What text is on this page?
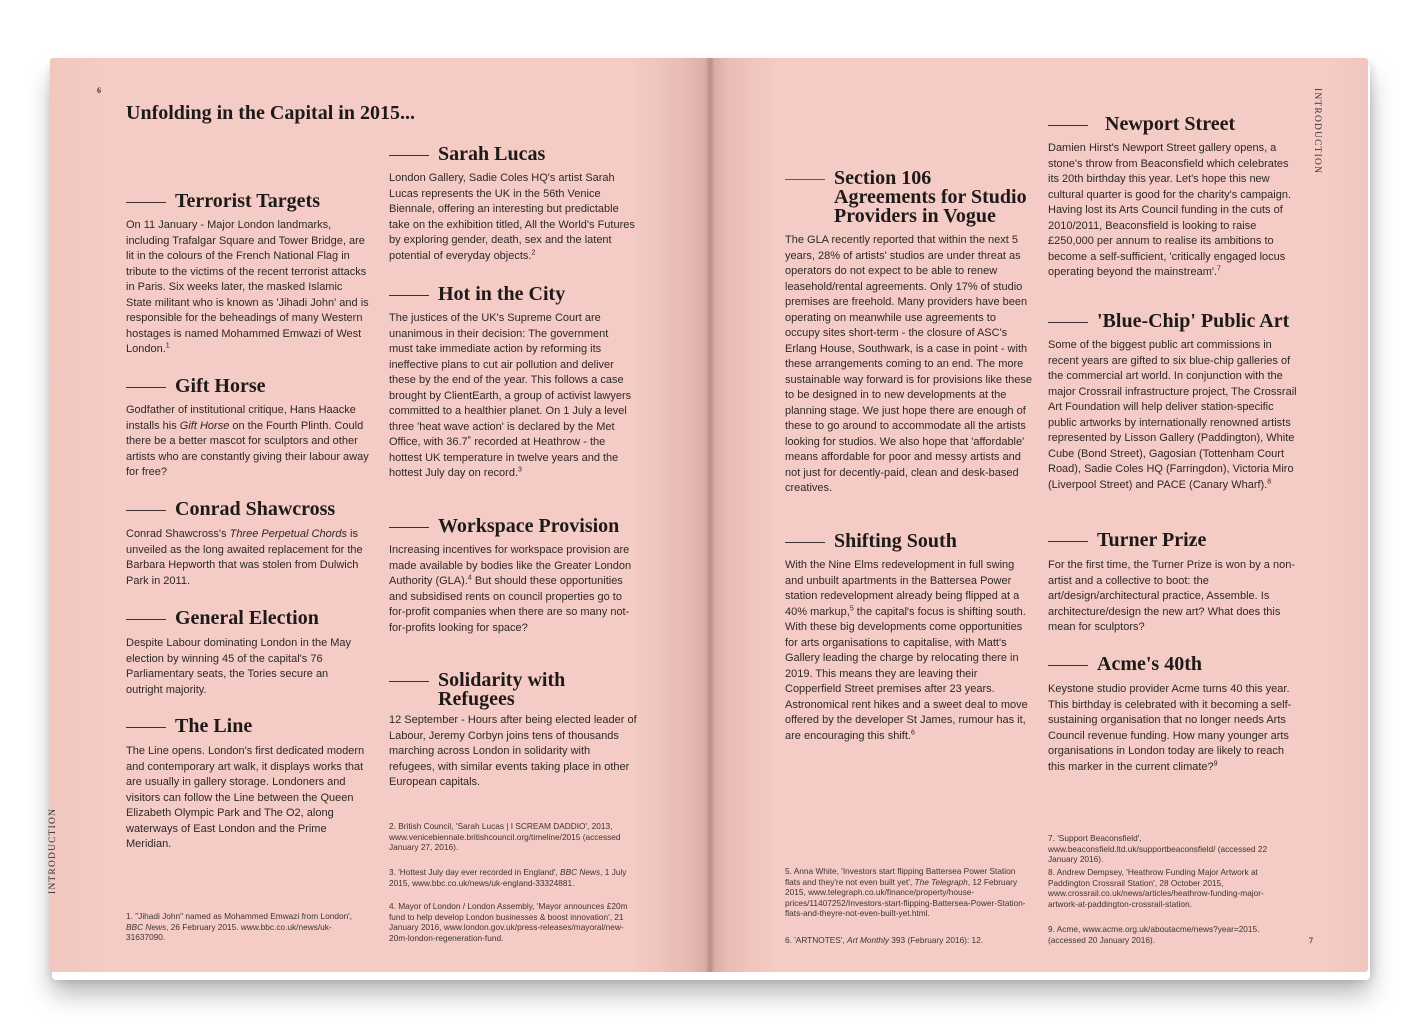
6
Unfolding in the Capital in 2015...
INTRODUCTION
Terrorist Targets
On 11 January - Major London landmarks, including Trafalgar Square and Tower Bridge, are lit in the colours of the French National Flag in tribute to the victims of the recent terrorist attacks in Paris. Six weeks later, the masked Islamic State militant who is known as 'Jihadi John' and is responsible for the beheadings of many Western hostages is named Mohammed Emwazi of West London.$^1$
Gift Horse
Godfather of institutional critique, Hans Haacke installs his Gift Horse on the Fourth Plinth. Could there be a better mascot for sculptors and other artists who are constantly giving their labour away for free?
Conrad Shawcross
Conrad Shawcross's Three Perpetual Chords is unveiled as the long awaited replacement for the Barbara Hepworth that was stolen from Dulwich Park in 2011.
General Election
Despite Labour dominating London in the May election by winning 45 of the capital's 76 Parliamentary seats, the Tories secure an outright majority.
The Line
The Line opens. London's first dedicated modern and contemporary art walk, it displays works that are usually in gallery storage. Londoners and visitors can follow the Line between the Queen Elizabeth Olympic Park and The O2, along waterways of East London and the Prime Meridian.
1. "Jihadi John" named as Mohammed Emwazi from London', BBC News, 26 February 2015. www.bbc.co.uk/news/uk-31637090.
Sarah Lucas
London Gallery, Sadie Coles HQ's artist Sarah Lucas represents the UK in the 56th Venice Biennale, offering an interesting but predictable take on the exhibition titled, All the World's Futures by exploring gender, death, sex and the latent potential of everyday objects.$^2$
Hot in the City
The justices of the UK's Supreme Court are unanimous in their decision: The government must take immediate action by reforming its ineffective plans to cut air pollution and deliver these by the end of the year. This follows a case brought by ClientEarth, a group of activist lawyers committed to a healthier planet. On 1 July a level three 'heat wave action' is declared by the Met Office, with 36.7˚ recorded at Heathrow - the hottest UK temperature in twelve years and the hottest July day on record.$^3$
Workspace Provision
Increasing incentives for workspace provision are made available by bodies like the Greater London Authority (GLA).$^4$ But should these opportunities and subsidised rents on council properties go to for-profit companies when there are so many not-for-profits looking for space?
Solidarity with
Refugees
12 September - Hours after being elected leader of Labour, Jeremy Corbyn joins tens of thousands marching across London in solidarity with refugees, with similar events taking place in other European capitals.
2. British Council, 'Sarah Lucas | I SCREAM DADDIO', 2013, www.venicebiennale.britishcouncil.org/timeline/2015 (accessed January 27, 2016).
3. 'Hottest July day ever recorded in England', BBC News, 1 July 2015, www.bbc.co.uk/news/uk-england-33324881.
4. Mayor of London / London Assembly, 'Mayor announces £20m fund to help develop London businesses & boost innovation', 21 January 2016, www.london.gov.uk/press-releases/mayoral/new-20m-london-regeneration-fund.
INTRODUCTION
7
Section 106
Agreements for Studio
Providers in Vogue
The GLA recently reported that within the next 5 years, 28% of artists' studios are under threat as operators do not expect to be able to renew leasehold/rental agreements. Only 17% of studio premises are freehold. Many providers have been operating on meanwhile use agreements to occupy sites short-term - the closure of ASC's Erlang House, Southwark, is a case in point - with these arrangements coming to an end. The more sustainable way forward is for provisions like these to be designed in to new developments at the planning stage. We just hope there are enough of these to go around to accommodate all the artists looking for studios. We also hope that 'affordable' means affordable for poor and messy artists and not just for decently-paid, clean and desk-based creatives.
Shifting South
With the Nine Elms redevelopment in full swing and unbuilt apartments in the Battersea Power station redevelopment already being flipped at a 40% markup,$^5$ the capital's focus is shifting south. With these big developments come opportunities for arts organisations to capitalise, with Matt's Gallery leading the charge by relocating there in 2019. This means they are leaving their Copperfield Street premises after 23 years. Astronomical rent hikes and a sweet deal to move offered by the developer St James, rumour has it, are encouraging this shift.$^6$
5. Anna White, 'Investors start flipping Battersea Power Station flats and they're not even built yet', The Telegraph, 12 February 2015, www.telegraph.co.uk/finance/property/house-prices/11407252/Investors-start-flipping-Battersea-Power-Station-flats-and-theyre-not-even-built-yet.html.
6. 'ARTNOTES', Art Monthly 393 (February 2016): 12.
Newport Street
Damien Hirst's Newport Street gallery opens, a stone's throw from Beaconsfield which celebrates its 20th birthday this year. Let's hope this new cultural quarter is good for the charity's campaign. Having lost its Arts Council funding in the cuts of 2010/2011, Beaconsfield is looking to raise £250,000 per annum to realise its ambitions to become a self-sufficient, 'critically engaged locus operating beyond the mainstream'.$^7$
'Blue-Chip' Public Art
Some of the biggest public art commissions in recent years are gifted to six blue-chip galleries of the commercial art world. In conjunction with the major Crossrail infrastructure project, The Crossrail Art Foundation will help deliver station-specific public artworks by internationally renowned artists represented by Lisson Gallery (Paddington), White Cube (Bond Street), Gagosian (Tottenham Court Road), Sadie Coles HQ (Farringdon), Victoria Miro (Liverpool Street) and PACE (Canary Wharf).$^8$
Turner Prize
For the first time, the Turner Prize is won by a non-artist and a collective to boot: the art/design/architectural practice, Assemble. Is architecture/design the new art? What does this mean for sculptors?
Acme's 40th
Keystone studio provider Acme turns 40 this year. This birthday is celebrated with it becoming a self-sustaining organisation that no longer needs Arts Council revenue funding. How many younger arts organisations in London today are likely to reach this marker in the current climate?$^9$
7. 'Support Beaconsfield', www.beaconsfield.ltd.uk/supportbeaconsfield/ (accessed 22 January 2016).
8. Andrew Dempsey, 'Heathrow Funding Major Artwork at Paddington Crossrail Station', 28 October 2015, www.crossrail.co.uk/news/articles/heathrow-funding-major-artwork-at-paddington-crossrail-station.
9. Acme, www.acme.org.uk/aboutacme/news?year=2015. (accessed 20 January 2016).
